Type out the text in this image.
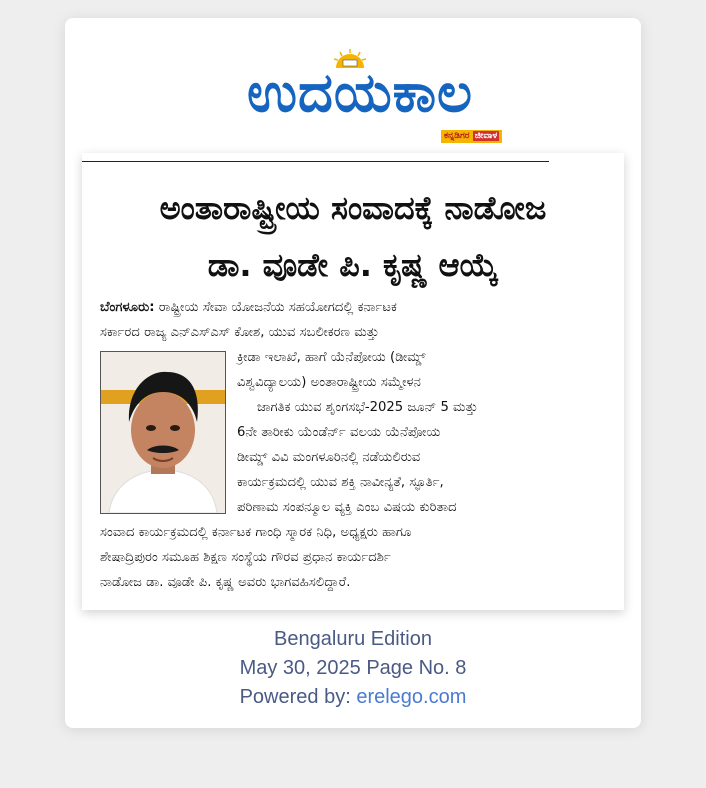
ಉದಯಕಾಲ
ಕನ್ನಡಿಗರ ಜೀವಾಳ
ಅಂತಾರಾಷ್ಟ್ರೀಯ ಸಂವಾದಕ್ಕೆ ನಾಡೋಜ
ಡಾ. ವೂಡೇ ಪಿ. ಕೃಷ್ಣ ಆಯ್ಕೆ
ಬೆಂಗಳೂರು: ರಾಷ್ಟ್ರೀಯ ಸೇವಾ ಯೋಜನೆಯ ಸಹಯೋಗದಲ್ಲಿ ಕರ್ನಾಟಕ
ಸರ್ಕಾರದ ರಾಜ್ಯ ಎನ್‌ಎಸ್‌ಎಸ್ ಕೋಶ, ಯುವ ಸಬಲೀಕರಣ ಮತ್ತು
ಕ್ರೀಡಾ ಇಲಾಖೆ, ಹಾಗೆ ಯೆನೆಪೋಯ (ಡೀಮ್ಡ್
ವಿಶ್ವವಿದ್ಯಾಲಯ) ಅಂತಾರಾಷ್ಟ್ರೀಯ ಸಮ್ಮೇಳನ
ಜಾಗತಿಕ ಯುವ ಶೃಂಗಸಭೆ-2025 ಜೂನ್ 5 ಮತ್ತು
6ನೇ ತಾರೀಕು ಯೆಂಡೆರ್ನ್ ವಲಯ ಯೆನೆಪೋಯ
ಡೀಮ್ಡ್ ವಿವಿ ಮಂಗಳೂರಿನಲ್ಲಿ ನಡೆಯಲಿರುವ
ಕಾರ್ಯಕ್ರಮದಲ್ಲಿ ಯುವ ಶಕ್ತಿ ನಾವೀನ್ಯತೆ, ಸ್ಫೂರ್ತಿ,
ಪರಿಣಾಮ ಸಂಪನ್ಮೂಲ ವ್ಯಕ್ತಿ ಎಂಬ ವಿಷಯ ಕುರಿತಾದ
ಸಂವಾದ ಕಾರ್ಯಕ್ರಮದಲ್ಲಿ ಕರ್ನಾಟಕ ಗಾಂಧಿ ಸ್ಮಾರಕ ನಿಧಿ, ಅಧ್ಯಕ್ಷರು ಹಾಗೂ
ಶೇಷಾದ್ರಿಪುರಂ ಸಮೂಹ ಶಿಕ್ಷಣ ಸಂಸ್ಥೆಯ ಗೌರವ ಪ್ರಧಾನ ಕಾರ್ಯದರ್ಶಿ
ನಾಡೋಜ ಡಾ. ವೂಡೇ ಪಿ. ಕೃಷ್ಣ ಅವರು ಭಾಗವಹಿಸಲಿದ್ದಾರೆ.
Bengaluru Edition
May 30, 2025 Page No. 8
Powered by: erelego.com
